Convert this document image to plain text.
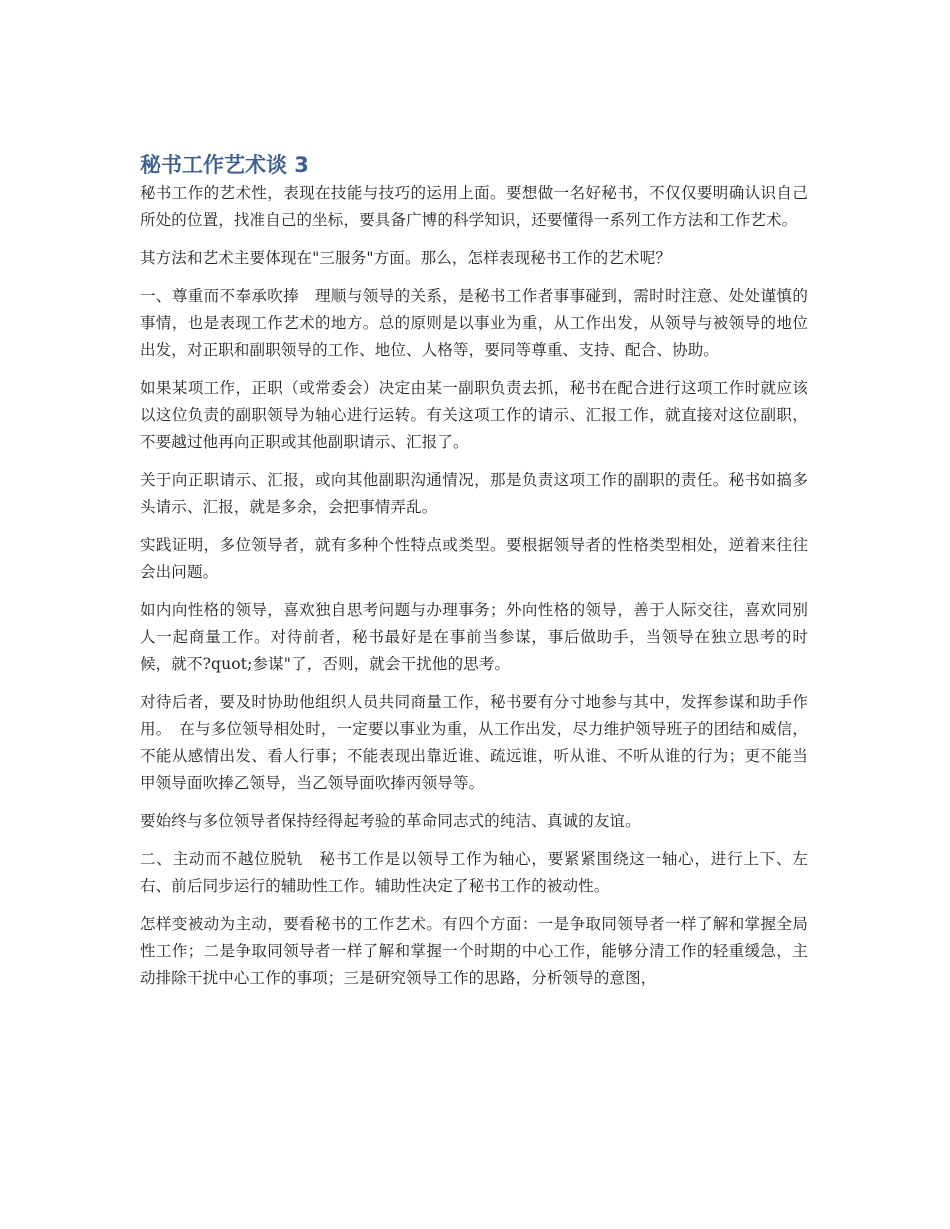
秘书工作艺术谈 3

秘书工作的艺术性，表现在技能与技巧的运用上面。要想做一名好秘书，不仅仅要明确认识自己所处的位置，找准自己的坐标，要具备广博的科学知识，还要懂得一系列工作方法和工作艺术。

其方法和艺术主要体现在"三服务"方面。那么，怎样表现秘书工作的艺术呢？

一、尊重而不奉承吹捧　理顺与领导的关系，是秘书工作者事事碰到，需时时注意、处处谨慎的事情，也是表现工作艺术的地方。总的原则是以事业为重，从工作出发，从领导与被领导的地位出发，对正职和副职领导的工作、地位、人格等，要同等尊重、支持、配合、协助。

如果某项工作，正职（或常委会）决定由某一副职负责去抓，秘书在配合进行这项工作时就应该以这位负责的副职领导为轴心进行运转。有关这项工作的请示、汇报工作，就直接对这位副职，不要越过他再向正职或其他副职请示、汇报了。

关于向正职请示、汇报，或向其他副职沟通情况，那是负责这项工作的副职的责任。秘书如搞多头请示、汇报，就是多余，会把事情弄乱。

实践证明，多位领导者，就有多种个性特点或类型。要根据领导者的性格类型相处，逆着来往往会出问题。

如内向性格的领导，喜欢独自思考问题与办理事务；外向性格的领导，善于人际交往，喜欢同别人一起商量工作。对待前者，秘书最好是在事前当参谋，事后做助手，当领导在独立思考的时候，就不?quot;参谋"了，否则，就会干扰他的思考。

对待后者，要及时协助他组织人员共同商量工作，秘书要有分寸地参与其中，发挥参谋和助手作用。　在与多位领导相处时，一定要以事业为重，从工作出发，尽力维护领导班子的团结和威信，不能从感情出发、看人行事；不能表现出靠近谁、疏远谁，听从谁、不听从谁的行为；更不能当甲领导面吹捧乙领导，当乙领导面吹捧丙领导等。

要始终与多位领导者保持经得起考验的革命同志式的纯洁、真诚的友谊。

二、主动而不越位脱轨　秘书工作是以领导工作为轴心，要紧紧围绕这一轴心，进行上下、左右、前后同步运行的辅助性工作。辅助性决定了秘书工作的被动性。

怎样变被动为主动，要看秘书的工作艺术。有四个方面：一是争取同领导者一样了解和掌握全局性工作；二是争取同领导者一样了解和掌握一个时期的中心工作，能够分清工作的轻重缓急，主动排除干扰中心工作的事项；三是研究领导工作的思路，分析领导的意图，
